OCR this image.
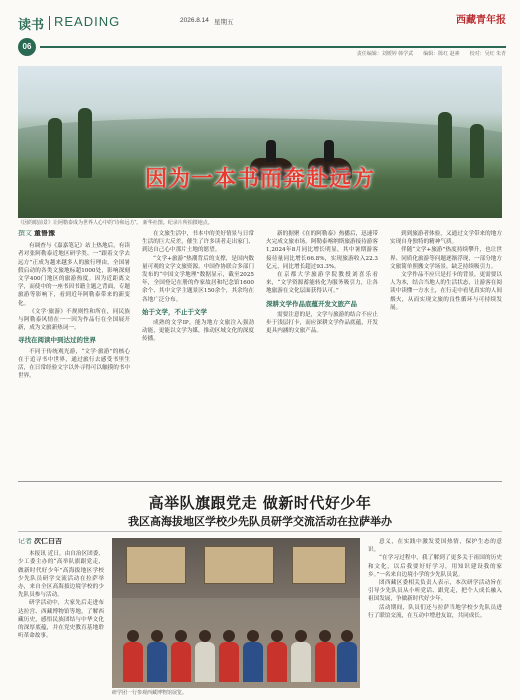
读书 READING	2026.8.14 星期五	西藏青年报
06
责任编辑：刘媛婷 韩学武　　编辑：陈红 赵素　　校对：吴红 朱青
因为一本书而奔赴远方
《因的眼前景》让阿勒泰成为世界人心中的“诗和远方”。 新华社图。纪录片所拍摄地点。
撰文 董鲁豫

有调查与《嘉嘉笔记》站上热地后，有读者对张阿勒泰近地区研学类、一“跟着文学去远方”正成为越来越多人的旅行理由。全国暑假启动的各类文旅地标超1000处，影响深刻文学400门地区的旅游热度。因为近距离文学，而使中的一座书因书籍主题之背面，专题旅游等影响下，看到近年阿勒泰带来的新变化。

《文学·旅游》不规则性和所在，同民族与阿勒泰风情在一一因为作品行在全国展开新，成为文旅新热词一。

寻找在阅读中到达过的世界

不同于传统观光游，“文学·旅游”的核心在于追寻书中世界，通过旅行去感受书里生活，在日常经验文字以外寻得可以触摸的书中世界。

在文旅生活中，书本中的美好情景与日常生活的巨大反差，催生了许多读者走出家门、到达自己心中那片土地的愿望。

“文学+旅游”热潮背后的支撑，是国内数量可观的文学文旅资源。中国作协联合多部门发布的“中国文学地理”数据显示，截至2025年，全国登记在册的作家故居和纪念馆1600余个、其中文学主题景区150余个，其余均在各地广泛分布。

始于文学，不止于文学

成熟的文学IP，能为地方文旅注入强劲动能，更能以文学为媒，推动区域文化的深度传播。

新的据聚《在的阿勒泰》热播后，迅速带火完成文旅市场。阿勒泰喀纳斯旅游接待游客1,2024年8月同比增长明显，其中暑期游客接待量同比增长66.8%，实现旅游收入22.3亿元，同比增长超过93.3%。

在京都大学旅游学院教授刘喜乐看来，“文学资源蓄能转化为服务吸引力，让各地旅游在文化层面获得认可。”

深耕文学作品底蕴开发文旅产品

需要注意的是，文学与旅游的结合不应止步于浅层打卡，而应深耕文学作品底蕴，开发更具内涵的文旅产品。

到到旅游者体验，又通过文学带来的地方实现自身独特的精神气质。

伴随“文学+旅游”热度持续攀升，也让世界、同质化旅游等问题逐渐浮现，一部分地方文旅简单照搬文学场景，缺乏持续吸引力。

文学作品不应只是打卡的背景，更需要以人为本，结合当地人的生活状态，让游客在阅读中读懂一方水土，在行走中看见真实的人间烟火，从而实现文旅的良性循环与可持续发展。

高举队旗跟党走 做新时代好少年
我区高海拔地区学校少先队员研学交流活动在拉萨举办
记者 次仁白吉

本报讯 近日，由自治区团委、少工委主办的“高举队旗跟党走，做新时代好少年”高海拔地区学校少先队员研学交流活动在拉萨举办，来自全区高海拔边境学校的少先队员参与活动。

研学活动中，大家先后走进布达拉宫、西藏博物馆等地，了解西藏历史，感悟民族团结与中华文化的深厚底蕴，并在党史教育基地聆听革命故事。

研学团一行参观西藏博物馆展览。

意义，在实践中激发爱国热情，保护生态的意识。

“在学习过程中，我了解到了更多关于祖国的历史和文化，以后我要好好学习，用知识建设我的家乡。”一名来自边境小学的少先队员说。

团西藏区委相关负责人表示，本次研学活动旨在引导少先队员从小听党话、跟党走，把个人成长融入祖国发展，争做新时代好少年。

活动期间，队员们还与拉萨当地学校少先队员进行了联谊交流，在互动中增进友谊，共同成长。
